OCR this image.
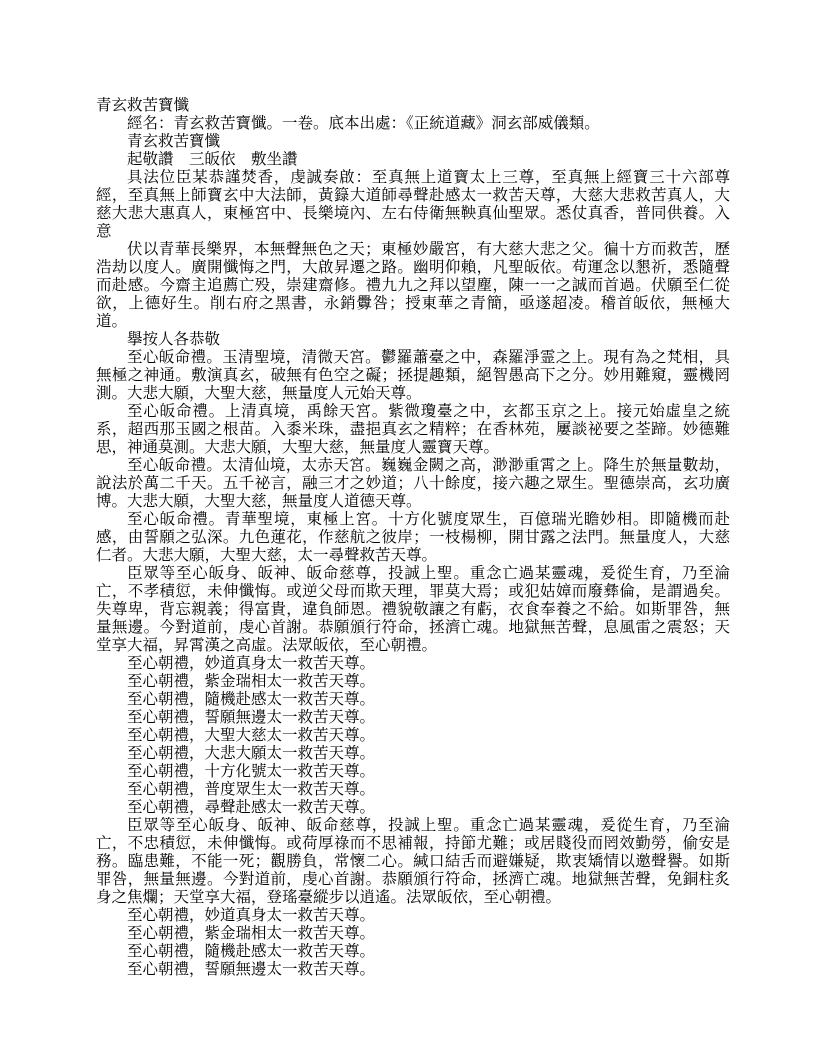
青玄救苦寶懺

經名：青玄救苦寶懺。一卷。底本出處：《正統道藏》洞玄部威儀類。

青玄救苦寶懺

起敬讚　三皈依　敷坐讚

具法位臣某恭謹焚香，虔誠奏啟：至真無上道寶太上三尊，至真無上經寶三十六部尊經，至真無上師寶玄中大法師，黃籙大道師尋聲赴感太一救苦天尊，大慈大悲救苦真人，大慈大悲大惠真人，東極宮中、長樂境內、左右侍衛無鞅真仙聖眾。悉仗真香，普同供養。入意

伏以青華長樂界，本無聲無色之天；東極妙嚴宮，有大慈大悲之父。徧十方而救苦，歷浩劫以度人。廣開懺悔之門，大啟昇遷之路。幽明仰賴，凡聖皈依。苟運念以懇祈，悉隨聲而赴感。今齋主追薦亡殁，崇建齋修。禮九九之拜以望塵，陳一一之誠而首過。伏願至仁從欲，上德好生。削右府之黑書，永銷釁咎；授東華之青簡，亟遂超凌。稽首皈依，無極大道。

擧按人各恭敬

至心皈命禮。玉清聖境，清微天宮。鬱羅蕭臺之中，森羅淨霊之上。現有為之梵相，具無極之神通。敷演真玄，破無有色空之礙；拯提趣類，絕智愚高下之分。妙用難窺，靈機罔測。大悲大願，大聖大慈，無量度人元始天尊。

至心皈命禮。上清真境，禹餘天宮。紫微瓊臺之中，玄都玉京之上。接元始虛皇之統系，超西那玉國之根苗。入黍米珠，盡挹真玄之精粹；在香林苑，屢談祕要之荃蹄。妙德難思，神通莫測。大悲大願，大聖大慈，無量度人靈寶天尊。

至心皈命禮。太清仙境，太赤天宮。巍巍金闕之高，渺渺重霄之上。降生於無量數劫，說法於萬二千天。五千祕言，融三才之妙道；八十餘度，接六趣之眾生。聖德崇高，玄功廣博。大悲大願，大聖大慈，無量度人道德天尊。

至心皈命禮。青華聖境，東極上宮。十方化號度眾生，百億瑞光瞻妙相。即隨機而赴感，由誓願之弘深。九色蓮花，作慈航之彼岸；一枝楊柳，開甘露之法門。無量度人，大慈仁者。大悲大願，大聖大慈，太一尋聲救苦天尊。

臣眾等至心皈身、皈神、皈命慈尊，投誠上聖。重念亡過某靈魂，爰從生育，乃至淪亡，不孝積愆，未伸懺悔。或逆父母而欺天理，罪莫大焉；或犯姑嫜而廢彝倫，是謂過矣。失尊卑，背忘親義；得富貴，違負師恩。禮貌敬讓之有虧，衣食奉養之不給。如斯罪咎，無量無邊。今對道前，虔心首謝。恭願頒行符命，拯濟亡魂。地獄無苦聲，息風雷之震怒；天堂享大福，昇霄漢之高虛。法眾皈依，至心朝禮。

至心朝禮，妙道真身太一救苦天尊。

至心朝禮，紫金瑞相太一救苦天尊。

至心朝禮，隨機赴感太一救苦天尊。

至心朝禮，誓願無邊太一救苦天尊。

至心朝禮，大聖大慈太一救苦天尊。

至心朝禮，大悲大願太一救苦天尊。

至心朝禮，十方化號太一救苦天尊。

至心朝禮，普度眾生太一救苦天尊。

至心朝禮，尋聲赴感太一救苦天尊。

臣眾等至心皈身、皈神、皈命慈尊，投誠上聖。重念亡過某靈魂，爰從生育，乃至淪亡，不忠積愆，未伸懺悔。或荷厚祿而不思補報，持節尤難；或居賤役而罔效勤勞，偷安是務。臨患難，不能一死；觀勝負，常懷二心。緘口結舌而避嫌疑，欺衷矯情以邀聲譽。如斯罪咎，無量無邊。今對道前，虔心首謝。恭願頒行符命，拯濟亡魂。地獄無苦聲，免銅柱炙身之焦爛；天堂享大福，登瑤臺縱步以逍遙。法眾皈依，至心朝禮。

至心朝禮，妙道真身太一救苦天尊。

至心朝禮，紫金瑞相太一救苦天尊。

至心朝禮，隨機赴感太一救苦天尊。

至心朝禮，誓願無邊太一救苦天尊。
